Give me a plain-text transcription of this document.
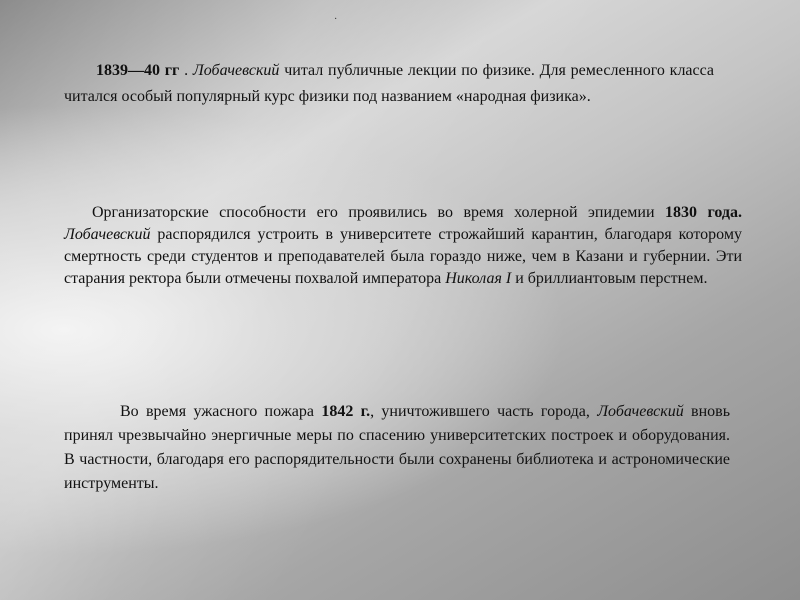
·

1839—40 гг . Лобачевский читал публичные лекции по физике. Для ремесленного класса читался особый популярный курс физики под названием «народная физика».

Организаторские способности его проявились во время холерной эпидемии 1830 года. Лобачевский распорядился устроить в университете строжайший карантин, благодаря которому смертность среди студентов и преподавателей была гораздо ниже, чем в Казани и губернии. Эти старания ректора были отмечены похвалой императора Николая I и бриллиантовым перстнем.

Во время ужасного пожара 1842 г., уничтожившего часть города, Лобачевский вновь принял чрезвычайно энергичные меры по спасению университетских построек и оборудования. В частности, благодаря его распорядительности были сохранены библиотека и астрономические инструменты.
